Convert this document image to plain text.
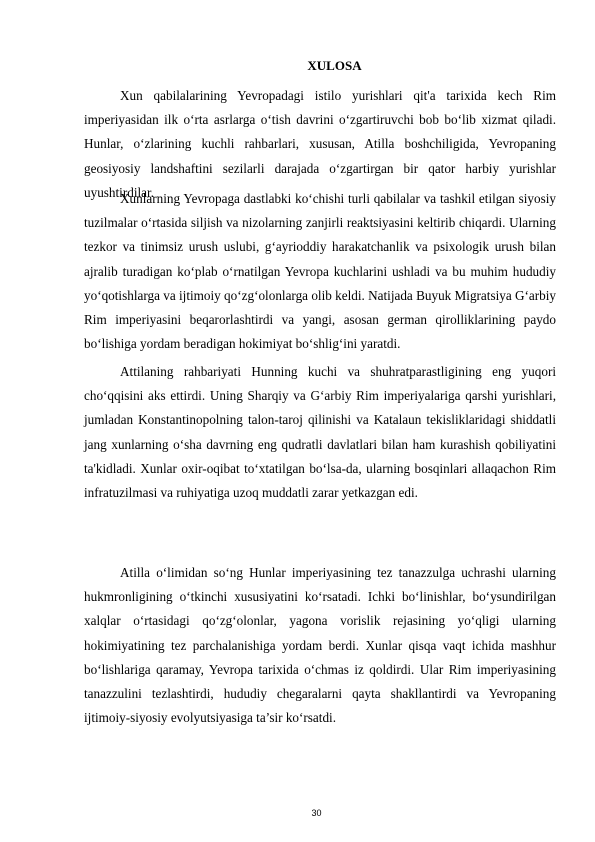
XULOSA

Xun qabilalarining Yevropadagi istilo yurishlari qit'a tarixida kech Rim imperiyasidan ilk o‘rta asrlarga o‘tish davrini o‘zgartiruvchi bob bo‘lib xizmat qiladi. Hunlar, o‘zlarining kuchli rahbarlari, xususan, Atilla boshchiligida, Yevropaning geosiyosiy landshaftini sezilarli darajada o‘zgartirgan bir qator harbiy yurishlar uyushtirdilar.

Xunlarning Yevropaga dastlabki ko‘chishi turli qabilalar va tashkil etilgan siyosiy tuzilmalar o‘rtasida siljish va nizolarning zanjirli reaktsiyasini keltirib chiqardi. Ularning tezkor va tinimsiz urush uslubi, g‘ayrioddiy harakatchanlik va psixologik urush bilan ajralib turadigan ko‘plab o‘rnatilgan Yevropa kuchlarini ushladi va bu muhim hududiy yo‘qotishlarga va ijtimoiy qo‘zg‘olonlarga olib keldi. Natijada Buyuk Migratsiya G‘arbiy Rim imperiyasini beqarorlashtirdi va yangi, asosan german qirolliklarining paydo bo‘lishiga yordam beradigan hokimiyat bo‘shlig‘ini yaratdi.

Attilaning rahbariyati Hunning kuchi va shuhratparastligining eng yuqori cho‘qqisini aks ettirdi. Uning Sharqiy va G‘arbiy Rim imperiyalariga qarshi yurishlari, jumladan Konstantinopolning talon-taroj qilinishi va Katalaun tekisliklaridagi shiddatli jang xunlarning o‘sha davrning eng qudratli davlatlari bilan ham kurashish qobiliyatini ta'kidladi. Xunlar oxir-oqibat to‘xtatilgan bo‘lsa-da, ularning bosqinlari allaqachon Rim infratuzilmasi va ruhiyatiga uzoq muddatli zarar yetkazgan edi.

Atilla o‘limidan so‘ng Hunlar imperiyasining tez tanazzulga uchrashi ularning hukmronligining o‘tkinchi xususiyatini ko‘rsatadi. Ichki bo‘linishlar, bo‘ysundirilgan xalqlar o‘rtasidagi qo‘zg‘olonlar, yagona vorislik rejasining yo‘qligi ularning hokimiyatining tez parchalanishiga yordam berdi. Xunlar qisqa vaqt ichida mashhur bo‘lishlariga qaramay, Yevropa tarixida o‘chmas iz qoldirdi. Ular Rim imperiyasining tanazzulini tezlashtirdi, hududiy chegaralarni qayta shakllantirdi va Yevropaning ijtimoiy-siyosiy evolyutsiyasiga ta’sir ko‘rsatdi.

30
